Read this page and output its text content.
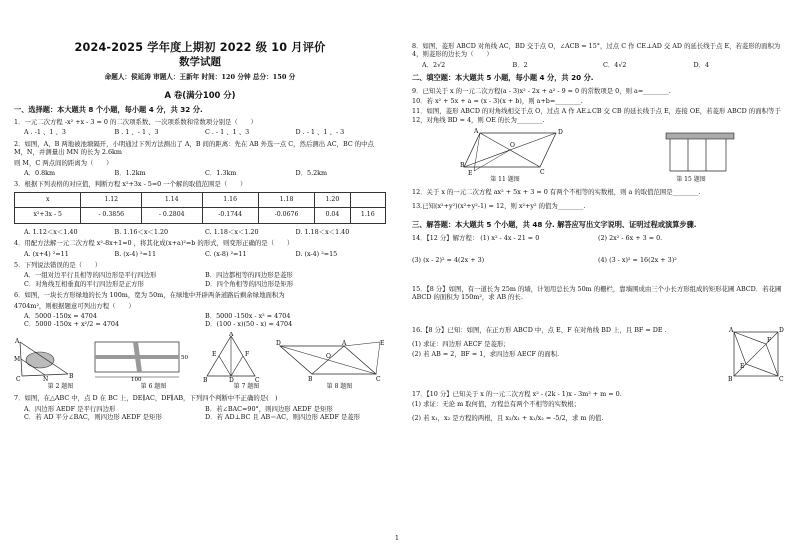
2024-2025 学年度上期初 2022 级 10 月评价
数学试题
命题人：侯延涛 审题人：王新年 时间：120 分钟 总分：150 分
A 卷(满分100 分)
一、选择题：本大题共 8 个小题，每小题 4 分，共 32 分.

1．一元二次方程 -x² +x - 3 = 0 的二次项系数、一次项系数和常数项分别是（　　）

A . -1 、1 、3	B . 1 、- 1 、3	C . - 1 、1 、3	D . - 1 、1 、- 3

2．如图，A，B 两地被池塘隔开，小明通过下列方法测出了 A，B 间的距离：先在 AB 外选一点 C，然后测出 AC，BC 的中点 M，N，并测量出 MN 的长为 2.6km

则 M，C 两点间的距离为（　　）

A．0.8km	B．1.2km	C．1.3km	D．5.2km

3．根据下列表格的对应值，判断方程 x²+3x - 5=0 一个解的取值范围是（　　）

x	1.12	1.14	1.16	1.18	1.20	
x²+3x - 5	- 0.3856	- 0.2804	-0.1744	-0.0676	0.04	1.16
A. 1.12＜x＜1.40	B. 1.16＜x＜1.20	C. 1.18＜x＜1.20	D. 1.18＜x＜1.40

4．用配方法解一元二次方程 x²-8x+1=0 ，将其化成(x+a)²=b 的形式，则变形正确的是（　　）

A. (x+4) ²=11	B. (x-4) ²=11	C. (x-8) ²=11	D. (x-4) ²=15

5．下列说法错误的是（　　）

A．一组对边平行且相等的四边形是平行四边形	B．四边都相等的四边形是菱形
C．对角线互相垂直的平行四边形是正方形	D．四个角相等的四边形是矩形

6．如图，一块长方形绿地的长为 100m，宽为 50m，在绿地中开辟两条道路后剩余绿地面积为

4704m²，则根据题意可列出方程（　　）

A．5000 -150x = 4704	B．5000 -150x - x² = 4704
C．5000 -150x + x²/2 = 4704	D．(100 - x)(50 - x) = 4704
A
M
C	N	B	100
50
A
F
E
B	D	C
D	A
O
E
B	C
第 2 题图	第 6 题图	第 7 题图	第 8 题图

7．如图，在△ABC 中，点 D 在 BC 上，DE∥AC，DF∥AB，下列四个判断中不正确的是(　)

A．四边形 AEDF 是平行四边形	B．若∠BAC=90°，则四边形 AEDF 是矩形
C．若 AD 平分∠BAC，则四边形 AEDF 是矩形	D．若 AD⊥BC 且 AB＝AC，则四边形 AEDF 是菱形

8．如图，菱形 ABCD 对角线 AC，BD 交于点 O，∠ACB = 15°，过点 C 作 CE⊥AD 交 AD 的延长线于点 E，若菱形的面积为 4，则菱形的边长为（　　）

A．2√2	B．2	C．4√2	D．4
二、填空题：本大题共 5 小题，每小题 4 分，共 20 分.

9．已知关于 x 的一元二次方程(a - 3)x² - 2x + a² - 9 = 0 的常数项是 0，则 a=________.

10．若 x² + 5x + a = (x - 3)(x + b)，则 a+b=________.

11．如图，菱形 ABCD 的对角线相交于点 O，过点 A 作 AE⊥CB 交 CB 的延长线于点 E，连接 OE，若菱形 ABCD 的面积等于 12，对角线 BD = 4，则 OE 的长为________.

A	D
O
E
B
C
第 11 题图	第 15 题图

12．关于 x 的一元二次方程 ax² + 5x + 3 = 0 有两个不相等的实数根，则 a 的取值范围是________.

13.已知(x²+y²)(x²+y²-1) = 12，则 x²+y² 的值为________.

三、解答题：本大题共 5 个小题，共 48 分. 解答应写出文字说明、证明过程或演算步骤.
14．【12 分】解方程： (1) x² - 4x - 21 = 0	(2) 2x² - 6x + 3 = 0.
(3) (x - 2)² = 4(2x + 3)	(4) (3 - x)² = 16(2x + 3)²

15．【8 分】如图，有一道长为 25m 的墙，计划用总长为 50m 的栅栏，靠墙围成由三个小长方形组成的矩形花圃 ABCD．若花圃 ABCD 的面积为 150m²，求 AB 的长.

16.【8 分】已知：如图，在正方形 ABCD 中，点 E、F 在对角线 BD 上，且 BF = DE .

(1) 求证：四边形 AECF 是菱形；

(2) 若 AB = 2，BF = 1，求四边形 AECF 的面积.

A	D
F
E
B	C

17．【10 分】已知关于 x 的一元二次方程 x² - (2k - 1)x - 3m² + m = 0.

(1) 求证：无论 m 取何值，方程总有两个不相等的实数根；

(2) 若 x₁，x₂ 是方程的两根，且 x₂/x₁ + x₁/x₂ = -5/2，求 m 的值.

1
